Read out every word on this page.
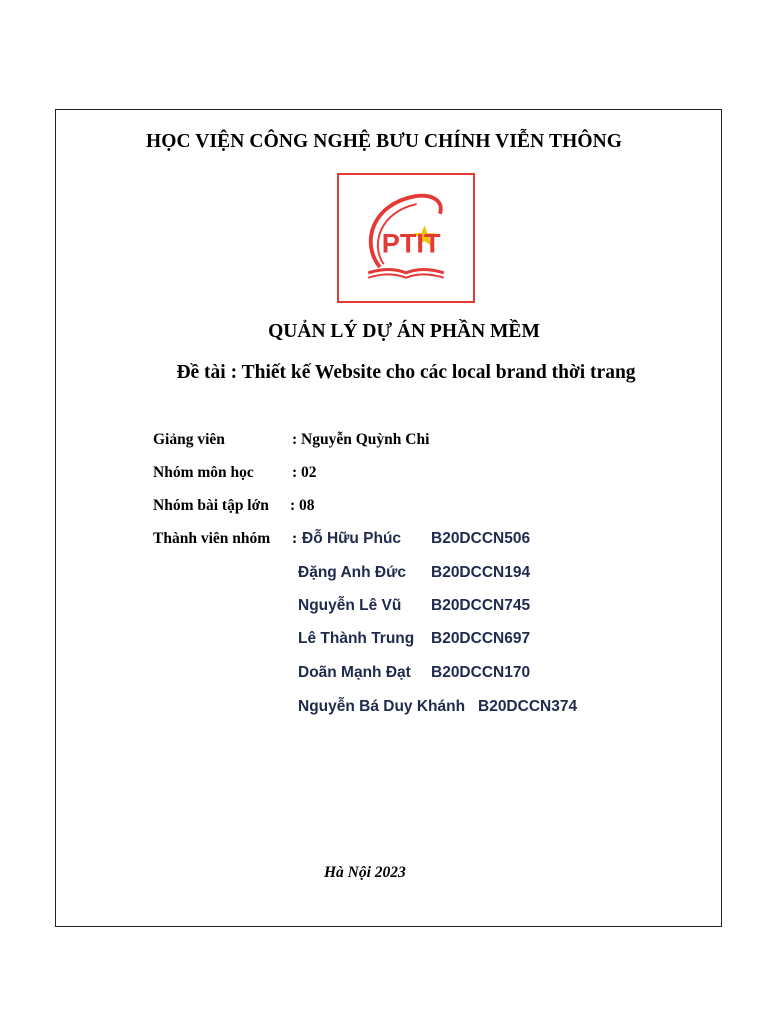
HỌC VIỆN CÔNG NGHỆ BƯU CHÍNH VIỄN THÔNG
PTIT
QUẢN LÝ DỰ ÁN PHẦN MỀM
Đề tài : Thiết kế Website cho các local brand thời trang
Giảng viên	: Nguyễn Quỳnh Chi
Nhóm môn học : 02
Nhóm bài tập lớn : 08
Thành viên nhóm : Đỗ Hữu Phúc B20DCCN506
Đặng Anh Đức B20DCCN194
Nguyễn Lê Vũ B20DCCN745
Lê Thành Trung B20DCCN697
Doãn Mạnh Đạt B20DCCN170
Nguyễn Bá Duy Khánh B20DCCN374
Hà Nội 2023
